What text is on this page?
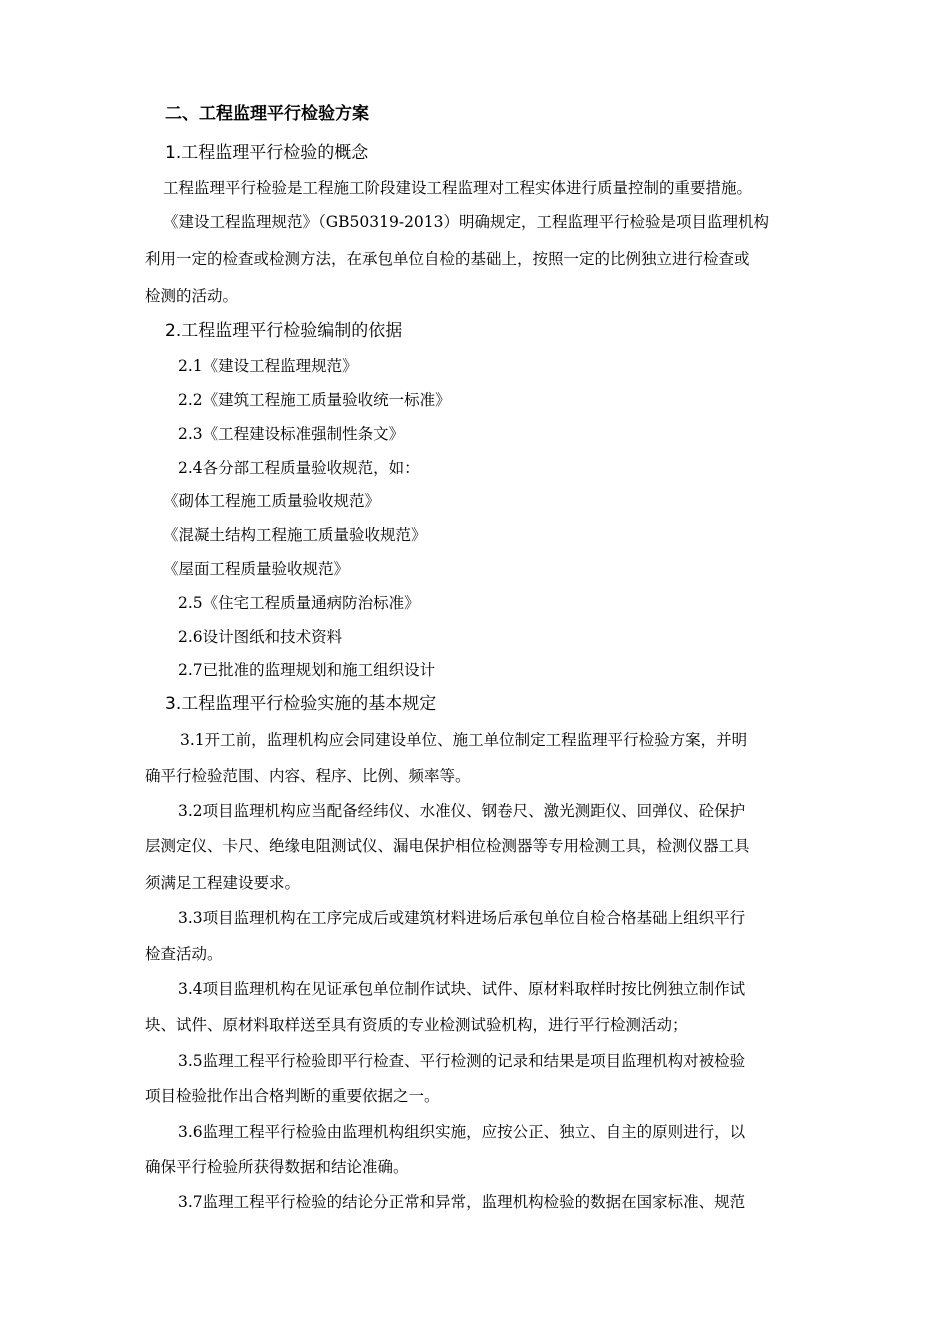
二、工程监理平行检验方案

1.工程监理平行检验的概念

工程监理平行检验是工程施工阶段建设工程监理对工程实体进行质量控制的重要措施。

《建设工程监理规范》（GB50319-2013）明确规定，工程监理平行检验是项目监理机构

利用一定的检查或检测方法，在承包单位自检的基础上，按照一定的比例独立进行检查或

检测的活动。

2.工程监理平行检验编制的依据

2.1《建设工程监理规范》

2.2《建筑工程施工质量验收统一标准》

2.3《工程建设标准强制性条文》

2.4各分部工程质量验收规范，如：

《砌体工程施工质量验收规范》

《混凝土结构工程施工质量验收规范》

《屋面工程质量验收规范》

2.5《住宅工程质量通病防治标准》

2.6设计图纸和技术资料

2.7已批准的监理规划和施工组织设计

3.工程监理平行检验实施的基本规定

3.1开工前，监理机构应会同建设单位、施工单位制定工程监理平行检验方案，并明

确平行检验范围、内容、程序、比例、频率等。

3.2项目监理机构应当配备经纬仪、水准仪、钢卷尺、激光测距仪、回弹仪、砼保护

层测定仪、卡尺、绝缘电阻测试仪、漏电保护相位检测器等专用检测工具，检测仪器工具

须满足工程建设要求。

3.3项目监理机构在工序完成后或建筑材料进场后承包单位自检合格基础上组织平行

检查活动。

3.4项目监理机构在见证承包单位制作试块、试件、原材料取样时按比例独立制作试

块、试件、原材料取样送至具有资质的专业检测试验机构，进行平行检测活动；

3.5监理工程平行检验即平行检查、平行检测的记录和结果是项目监理机构对被检验

项目检验批作出合格判断的重要依据之一。

3.6监理工程平行检验由监理机构组织实施，应按公正、独立、自主的原则进行，以

确保平行检验所获得数据和结论准确。

3.7监理工程平行检验的结论分正常和异常，监理机构检验的数据在国家标准、规范
